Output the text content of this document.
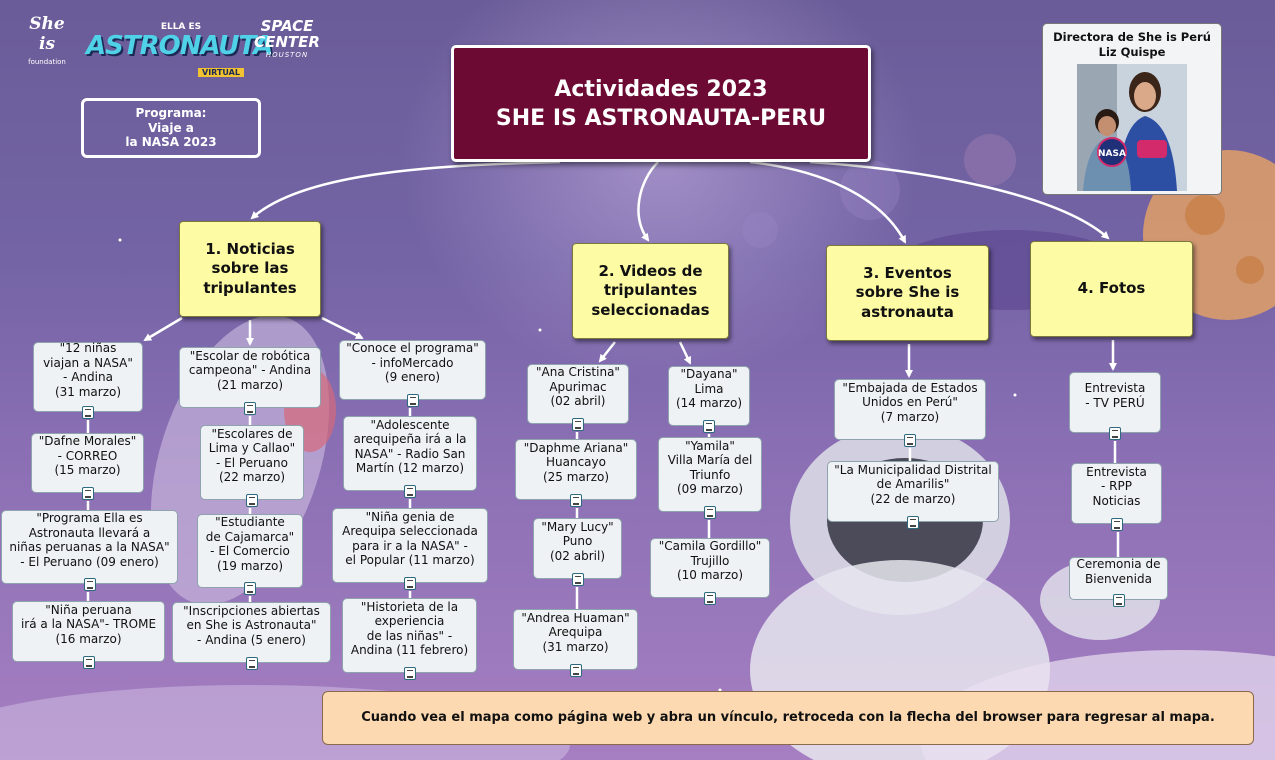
She is
foundation
ELLA ES
ASTRONAUTA
VIRTUAL
SPACE
CENTER
HOUSTON
Programa:
Viaje a
la NASA 2023
Actividades 2023
SHE IS ASTRONAUTA-PERU
Directora de She is Perú
Liz Quispe
NASA
1. Noticias
sobre las
tripulantes
2. Videos de
tripulantes
seleccionadas
3. Eventos
sobre She is
astronauta
4. Fotos
"12 niñas
viajan a NASA"
- Andina
(31 marzo)
"Dafne Morales"
- CORREO
(15 marzo)
"Programa Ella es
Astronauta llevará a
niñas peruanas a la NASA"
- El Peruano (09 enero)
"Niña peruana
irá a la NASA"- TROME
(16 marzo)
"Escolar de robótica
campeona" - Andina
(21 marzo)
"Escolares de
Lima y Callao"
- El Peruano
(22 marzo)
"Estudiante
de Cajamarca"
- El Comercio
(19 marzo)
"Inscripciones abiertas
en She is Astronauta"
- Andina (5 enero)
"Conoce el programa"
- infoMercado
(9 enero)
"Adolescente
arequipeña irá a la
NASA" - Radio San
Martín (12 marzo)
"Niña genia de
Arequipa seleccionada
para ir a la NASA" -
el Popular (11 marzo)
"Historieta de la
experiencia
de las niñas" -
Andina (11 febrero)
"Ana Cristina"
Apurimac
(02 abril)
"Daphme Ariana"
Huancayo
(25 marzo)
"Mary Lucy"
Puno
(02 abril)
"Andrea Huaman"
Arequipa
(31 marzo)
"Dayana"
Lima
(14 marzo)
"Yamila"
Villa María del
Triunfo
(09 marzo)
"Camila Gordillo"
Trujillo
(10 marzo)
"Embajada de Estados
Unidos en Perú"
(7 marzo)
"La Municipalidad Distrital
de Amarilis"
(22 de marzo)
Entrevista
- TV PERÚ
Entrevista
- RPP
Noticias
Ceremonia de
Bienvenida
Cuando vea el mapa como página web y abra un vínculo, retroceda con la flecha del browser para regresar al mapa.
